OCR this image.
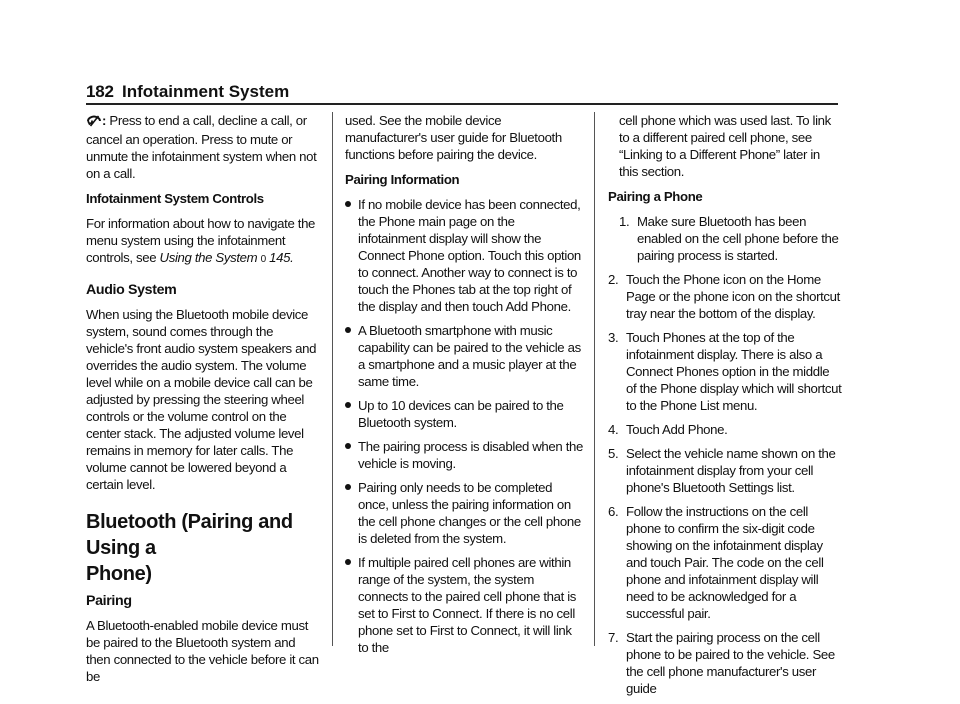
182 Infotainment System

: Press to end a call, decline a call, or cancel an operation. Press to mute or unmute the infotainment system when not on a call.

Infotainment System Controls

For information about how to navigate the menu system using the infotainment controls, see Using the System 0 145.

Audio System

When using the Bluetooth mobile device system, sound comes through the vehicle's front audio system speakers and overrides the audio system. The volume level while on a mobile device call can be adjusted by pressing the steering wheel controls or the volume control on the center stack. The adjusted volume level remains in memory for later calls. The volume cannot be lowered beyond a certain level.

Bluetooth (Pairing and Using a
Phone)
Pairing

A Bluetooth-enabled mobile device must be paired to the Bluetooth system and then connected to the vehicle before it can be

used. See the mobile device manufacturer's user guide for Bluetooth functions before pairing the device.

Pairing Information

If no mobile device has been connected, the Phone main page on the infotainment display will show the Connect Phone option. Touch this option to connect. Another way to connect is to touch the Phones tab at the top right of the display and then touch Add Phone.
A Bluetooth smartphone with music capability can be paired to the vehicle as a smartphone and a music player at the same time.
Up to 10 devices can be paired to the Bluetooth system.
The pairing process is disabled when the vehicle is moving.
Pairing only needs to be completed once, unless the pairing information on the cell phone changes or the cell phone is deleted from the system.
If multiple paired cell phones are within range of the system, the system connects to the paired cell phone that is set to First to Connect. If there is no cell phone set to First to Connect, it will link to the

cell phone which was used last. To link to a different paired cell phone, see “Linking to a Different Phone” later in this section.

Pairing a Phone

1. Make sure Bluetooth has been enabled on the cell phone before the pairing process is started.
2. Touch the Phone icon on the Home Page or the phone icon on the shortcut tray near the bottom of the display.
3. Touch Phones at the top of the infotainment display. There is also a Connect Phones option in the middle of the Phone display which will shortcut to the Phone List menu.
4. Touch Add Phone.
5. Select the vehicle name shown on the infotainment display from your cell phone's Bluetooth Settings list.
6. Follow the instructions on the cell phone to confirm the six-digit code showing on the infotainment display and touch Pair. The code on the cell phone and infotainment display will need to be acknowledged for a successful pair.
7. Start the pairing process on the cell phone to be paired to the vehicle. See the cell phone manufacturer's user guide
